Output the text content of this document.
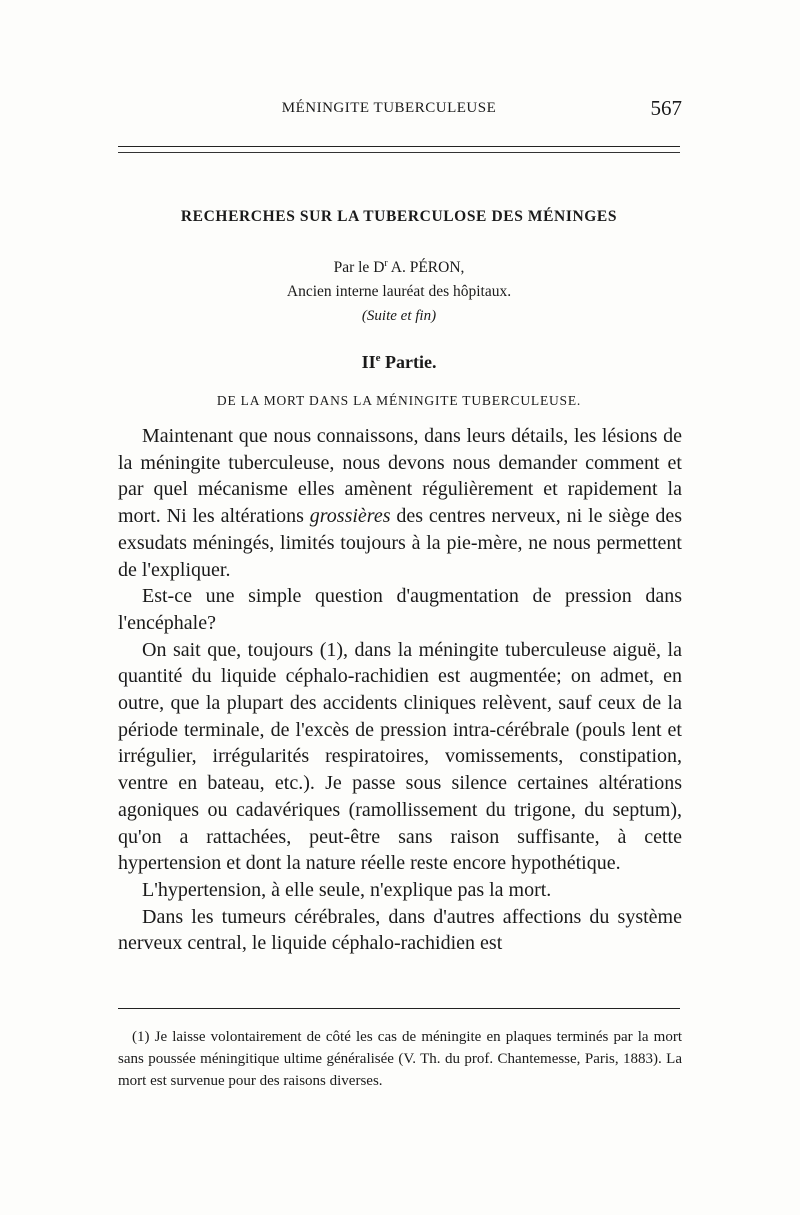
MÉNINGITE TUBERCULEUSE	567
RECHERCHES SUR LA TUBERCULOSE DES MÉNINGES
Par le $D^r$ A. PÉRON,
Ancien interne lauréat des hôpitaux.
(Suite et fin)
IIe Partie.
DE LA MORT DANS LA MÉNINGITE TUBERCULEUSE.

Maintenant que nous connaissons, dans leurs détails, les lésions de la méningite tuberculeuse, nous devons nous demander comment et par quel mécanisme elles amènent régulièrement et rapidement la mort. Ni les altérations grossières des centres nerveux, ni le siège des exsudats méningés, limités toujours à la pie-mère, ne nous permettent de l'expliquer.

Est-ce une simple question d'augmentation de pression dans l'encéphale?

On sait que, toujours (1), dans la méningite tuberculeuse aiguë, la quantité du liquide céphalo-rachidien est augmentée; on admet, en outre, que la plupart des accidents cliniques relèvent, sauf ceux de la période terminale, de l'excès de pression intra-cérébrale (pouls lent et irrégulier, irrégularités respiratoires, vomissements, constipation, ventre en bateau, etc.). Je passe sous silence certaines altérations agoniques ou cadavériques (ramollissement du trigone, du septum), qu'on a rattachées, peut-être sans raison suffisante, à cette hypertension et dont la nature réelle reste encore hypothétique.

L'hypertension, à elle seule, n'explique pas la mort.

Dans les tumeurs cérébrales, dans d'autres affections du système nerveux central, le liquide céphalo-rachidien est

(1) Je laisse volontairement de côté les cas de méningite en plaques terminés par la mort sans poussée méningitique ultime généralisée (V. Th. du prof. Chantemesse, Paris, 1883). La mort est survenue pour des raisons diverses.
